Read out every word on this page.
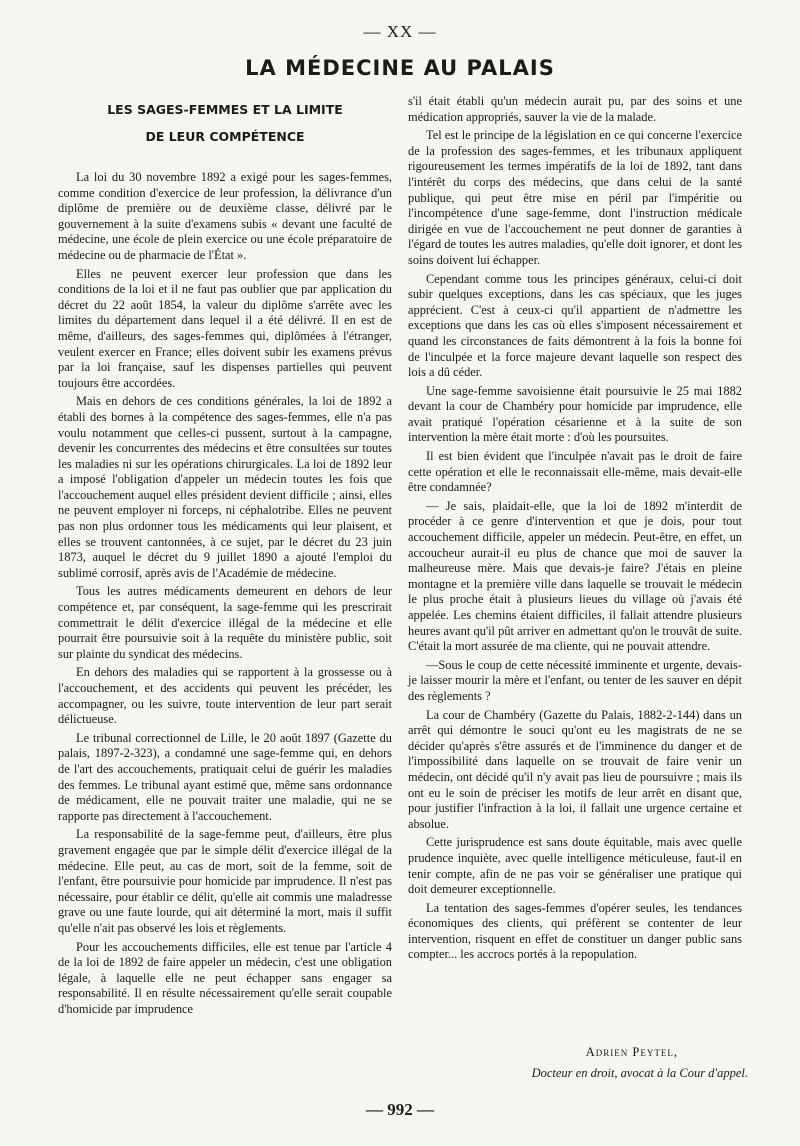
— XX —
LA MÉDECINE AU PALAIS
LES SAGES-FEMMES ET LA LIMITE
DE LEUR COMPÉTENCE

La loi du 30 novembre 1892 a exigé pour les sages-femmes, comme condition d'exercice de leur profession, la délivrance d'un diplôme de première ou de deuxième classe, délivré par le gouvernement à la suite d'examens subis « devant une faculté de médecine, une école de plein exercice ou une école préparatoire de médecine ou de pharmacie de l'État ».

Elles ne peuvent exercer leur profession que dans les conditions de la loi et il ne faut pas oublier que par application du décret du 22 août 1854, la valeur du diplôme s'arrête avec les limites du département dans lequel il a été délivré. Il en est de même, d'ailleurs, des sages-femmes qui, diplômées à l'étranger, veulent exercer en France; elles doivent subir les examens prévus par la loi française, sauf les dispenses partielles qui peuvent toujours être accordées.

Mais en dehors de ces conditions générales, la loi de 1892 a établi des bornes à la compétence des sages-femmes, elle n'a pas voulu notamment que celles-ci pussent, surtout à la campagne, devenir les concurrentes des médecins et être consultées sur toutes les maladies ni sur les opérations chirurgicales. La loi de 1892 leur a imposé l'obligation d'appeler un médecin toutes les fois que l'accouchement auquel elles président devient difficile ; ainsi, elles ne peuvent employer ni forceps, ni céphalotribe. Elles ne peuvent pas non plus ordonner tous les médicaments qui leur plaisent, et elles se trouvent cantonnées, à ce sujet, par le décret du 23 juin 1873, auquel le décret du 9 juillet 1890 a ajouté l'emploi du sublimé corrosif, après avis de l'Académie de médecine.

Tous les autres médicaments demeurent en dehors de leur compétence et, par conséquent, la sage-femme qui les prescrirait commettrait le délit d'exercice illégal de la médecine et elle pourrait être poursuivie soit à la requête du ministère public, soit sur plainte du syndicat des médecins.

En dehors des maladies qui se rapportent à la grossesse ou à l'accouchement, et des accidents qui peuvent les précéder, les accompagner, ou les suivre, toute intervention de leur part serait délictueuse.

Le tribunal correctionnel de Lille, le 20 août 1897 (Gazette du palais, 1897-2-323), a condamné une sage-femme qui, en dehors de l'art des accouchements, pratiquait celui de guérir les maladies des femmes. Le tribunal ayant estimé que, même sans ordonnance de médicament, elle ne pouvait traiter une maladie, qui ne se rapporte pas directement à l'accouchement.

La responsabilité de la sage-femme peut, d'ailleurs, être plus gravement engagée que par le simple délit d'exercice illégal de la médecine. Elle peut, au cas de mort, soit de la femme, soit de l'enfant, être poursuivie pour homicide par imprudence. Il n'est pas nécessaire, pour établir ce délit, qu'elle ait commis une maladresse grave ou une faute lourde, qui ait déterminé la mort, mais il suffit qu'elle n'ait pas observé les lois et règlements.

Pour les accouchements difficiles, elle est tenue par l'article 4 de la loi de 1892 de faire appeler un médecin, c'est une obligation légale, à laquelle elle ne peut échapper sans engager sa responsabilité. Il en résulte nécessairement qu'elle serait coupable d'homicide par imprudence

s'il était établi qu'un médecin aurait pu, par des soins et une médication appropriés, sauver la vie de la malade.

Tel est le principe de la législation en ce qui concerne l'exercice de la profession des sages-femmes, et les tribunaux appliquent rigoureusement les termes impératifs de la loi de 1892, tant dans l'intérêt du corps des médecins, que dans celui de la santé publique, qui peut être mise en péril par l'impéritie ou l'incompétence d'une sage-femme, dont l'instruction médicale dirigée en vue de l'accouchement ne peut donner de garanties à l'égard de toutes les autres maladies, qu'elle doit ignorer, et dont les soins doivent lui échapper.

Cependant comme tous les principes généraux, celui-ci doit subir quelques exceptions, dans les cas spéciaux, que les juges apprécient. C'est à ceux-ci qu'il appartient de n'admettre les exceptions que dans les cas où elles s'imposent nécessairement et quand les circonstances de faits démontrent à la fois la bonne foi de l'inculpée et la force majeure devant laquelle son respect des lois a dû céder.

Une sage-femme savoisienne était poursuivie le 25 mai 1882 devant la cour de Chambéry pour homicide par imprudence, elle avait pratiqué l'opération césarienne et à la suite de son intervention la mère était morte : d'où les poursuites.

Il est bien évident que l'inculpée n'avait pas le droit de faire cette opération et elle le reconnaissait elle-même, mais devait-elle être condamnée?

— Je sais, plaidait-elle, que la loi de 1892 m'interdit de procéder à ce genre d'intervention et que je dois, pour tout accouchement difficile, appeler un médecin. Peut-être, en effet, un accoucheur aurait-il eu plus de chance que moi de sauver la malheureuse mère. Mais que devais-je faire? J'étais en pleine montagne et la première ville dans laquelle se trouvait le médecin le plus proche était à plusieurs lieues du village où j'avais été appelée. Les chemins étaient difficiles, il fallait attendre plusieurs heures avant qu'il pût arriver en admettant qu'on le trouvât de suite. C'était la mort assurée de ma cliente, qui ne pouvait attendre.

—Sous le coup de cette nécessité imminente et urgente, devais-je laisser mourir la mère et l'enfant, ou tenter de les sauver en dépit des règlements ?

La cour de Chambéry (Gazette du Palais, 1882-2-144) dans un arrêt qui démontre le souci qu'ont eu les magistrats de ne se décider qu'après s'être assurés et de l'imminence du danger et de l'impossibilité dans laquelle on se trouvait de faire venir un médecin, ont décidé qu'il n'y avait pas lieu de poursuivre ; mais ils ont eu le soin de préciser les motifs de leur arrêt en disant que, pour justifier l'infraction à la loi, il fallait une urgence certaine et absolue.

Cette jurisprudence est sans doute équitable, mais avec quelle prudence inquiète, avec quelle intelligence méticuleuse, faut-il en tenir compte, afin de ne pas voir se généraliser une pratique qui doit demeurer exceptionnelle.

La tentation des sages-femmes d'opérer seules, les tendances économiques des clients, qui préfèrent se contenter de leur intervention, risquent en effet de constituer un danger public sans compter... les accrocs portés à la repopulation.

Adrien Peytel,
Docteur en droit, avocat à la Cour d'appel.
— 992 —
